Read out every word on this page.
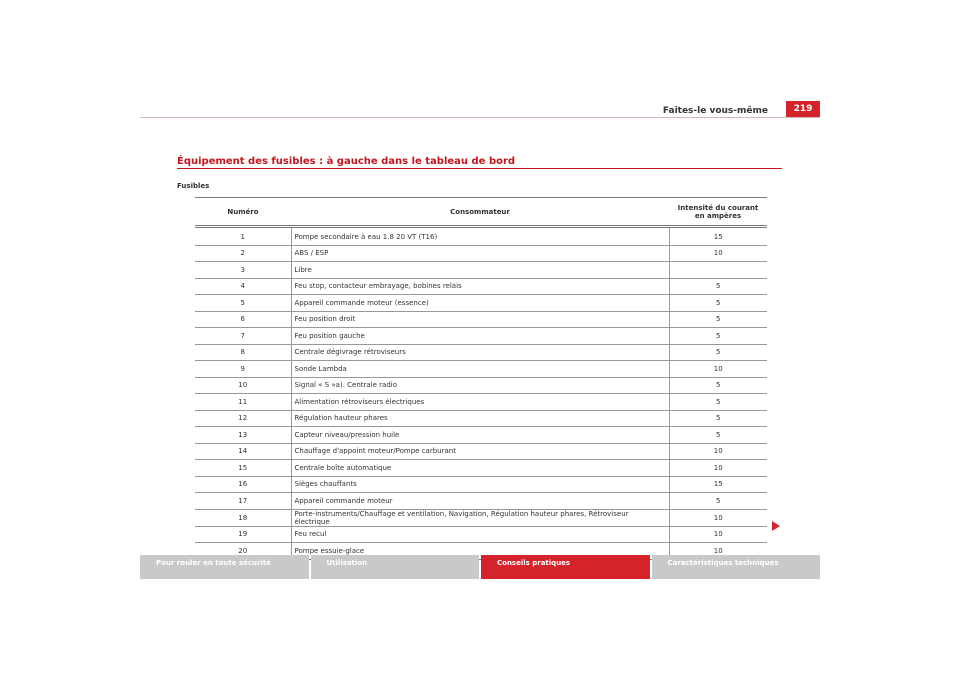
Faites-le vous-même	219
Équipement des fusibles : à gauche dans le tableau de bord
Fusibles
Numéro	Consommateur	Intensité du courant en ampères
1	Pompe secondaire à eau 1.8 20 VT (T16)	15
2	ABS / ESP	10
3	Libre	
4	Feu stop, contacteur embrayage, bobines relais	5
5	Appareil commande moteur (essence)	5
6	Feu position droit	5
7	Feu position gauche	5
8	Centrale dégivrage rétroviseurs	5
9	Sonde Lambda	10
10	Signal « S »a). Centrale radio	5
11	Alimentation rétroviseurs électriques	5
12	Régulation hauteur phares	5
13	Capteur niveau/pression huile	5
14	Chauffage d'appoint moteur/Pompe carburant	10
15	Centrale boîte automatique	10
16	Sièges chauffants	15
17	Appareil commande moteur	5
18	Porte-instruments/Chauffage et ventilation, Navigation, Régulation hauteur phares, Rétroviseur électrique	10
19	Feu recul	10
20	Pompe essuie-glace	10
Pour rouler en toute sécurité	Utilisation	Conseils pratiques	Caractéristiques techniques
